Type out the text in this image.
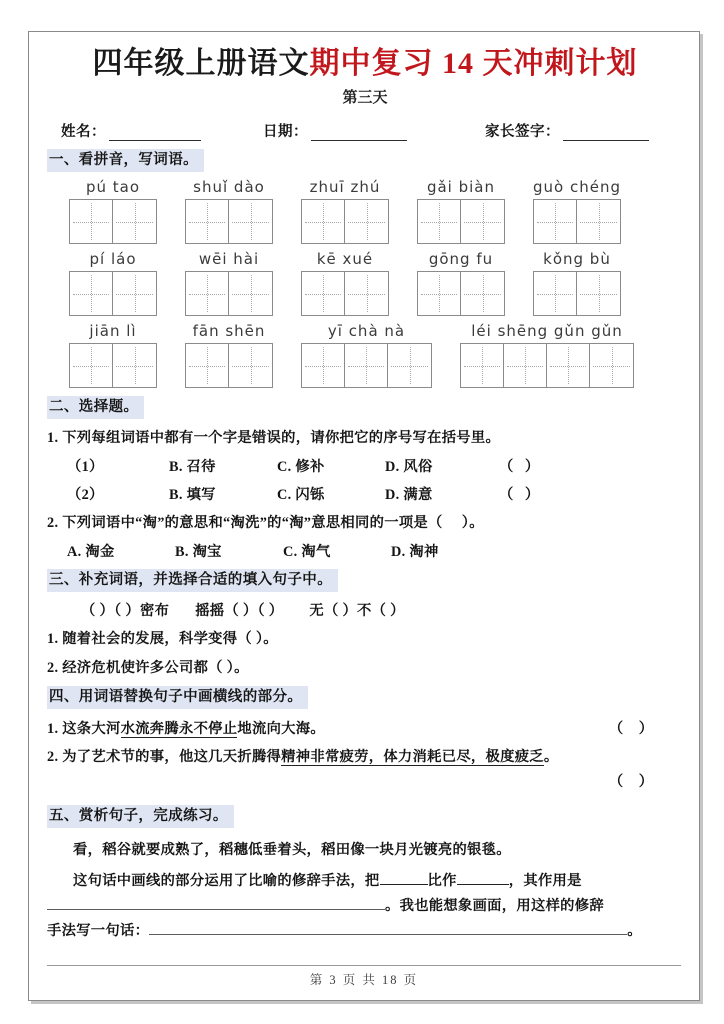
四年级上册语文期中复习 14 天冲刺计划
第三天
姓名：	日期：	家长签字：
一、看拼音，写词语。
pú tao	shuǐ dào	zhuī zhú	gǎi biàn	guò chéng
pí láo	wēi hài	kē xué	gōng fu	kǒng bù
jiān lì	fān shēn	yī chà nà	léi shēng gǔn gǔn
二、选择题。
1. 下列每组词语中都有一个字是错误的，请你把它的序号写在括号里。
（1）	B. 召待	C. 修补	D. 风俗	（ ）
（2）	B. 填写	C. 闪铄	D. 满意	（ ）
2. 下列词语中“淘”的意思和“淘洗”的“淘”意思相同的一项是（ ）。
A. 淘金	B. 淘宝	C. 淘气	D. 淘神
三、补充词语，并选择合适的填入句子中。
（ ）（ ）密布 摇摇（ ）（ ） 无（ ）不（ ）
1. 随着社会的发展，科学变得（ ）。
2. 经济危机使许多公司都（ ）。
四、用词语替换句子中画横线的部分。
1. 这条大河水流奔腾永不停止地流向大海。	（ ）
2. 为了艺术节的事，他这几天折腾得精神非常疲劳，体力消耗已尽，极度疲乏。
（ ）
五、赏析句子，完成练习。
看，稻谷就要成熟了，稻穗低垂着头，稻田像一块月光镀亮的银毯。
这句话中画线的部分运用了比喻的修辞手法，把	比作	，其作用是
。我也能想象画面，用这样的修辞
手法写一句话：	。
第 3 页 共 18 页
